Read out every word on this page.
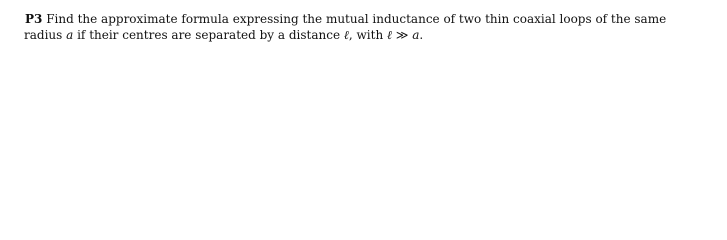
P3 Find the approximate formula expressing the mutual inductance of two thin coaxial loops of the same
radius a if their centres are separated by a distance ℓ, with ℓ ≫ a.
